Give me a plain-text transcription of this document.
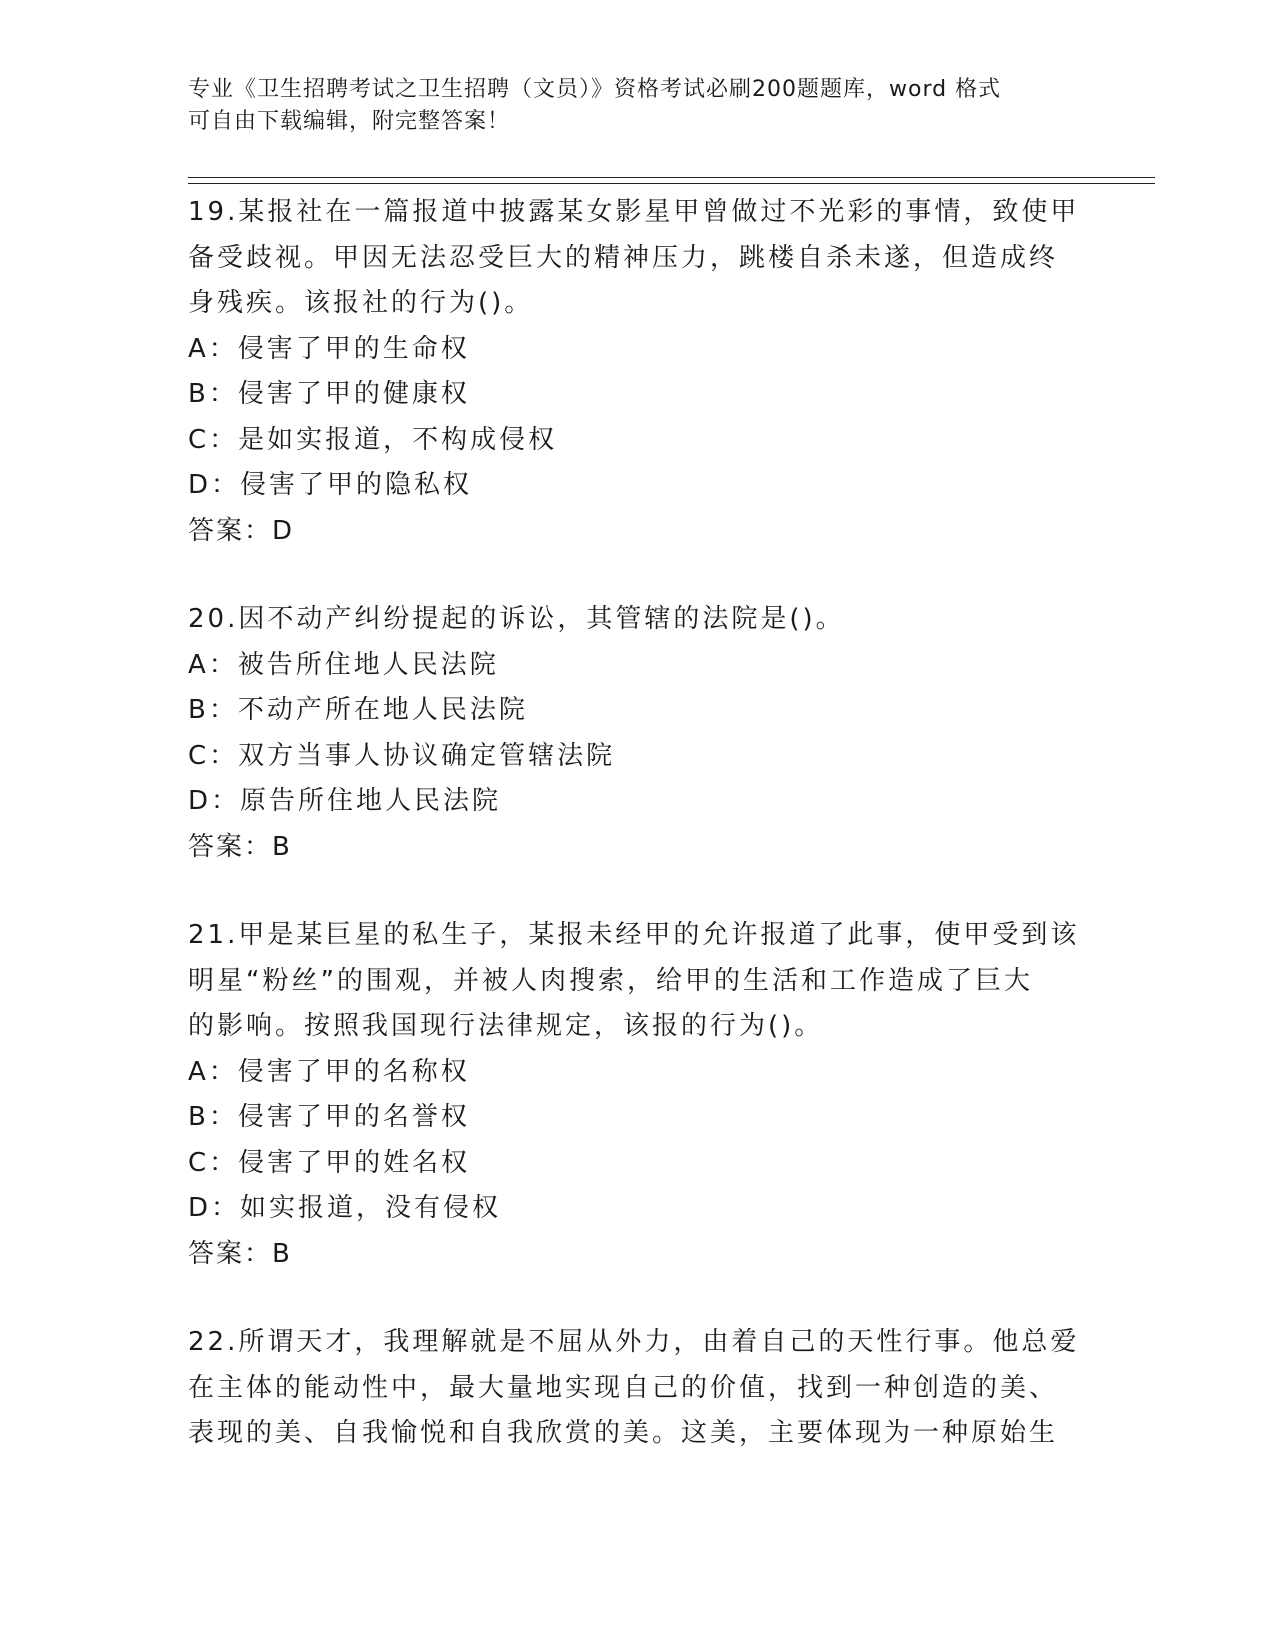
专业《卫生招聘考试之卫生招聘（文员）》资格考试必刷200题题库，word 格式
可自由下载编辑，附完整答案！

19.某报社在一篇报道中披露某女影星甲曾做过不光彩的事情，致使甲

备受歧视。甲因无法忍受巨大的精神压力，跳楼自杀未遂，但造成终

身残疾。该报社的行为()。

A：侵害了甲的生命权

B：侵害了甲的健康权

C：是如实报道，不构成侵权

D：侵害了甲的隐私权

答案：D

20.因不动产纠纷提起的诉讼，其管辖的法院是()。

A：被告所住地人民法院

B：不动产所在地人民法院

C：双方当事人协议确定管辖法院

D：原告所住地人民法院

答案：B

21.甲是某巨星的私生子，某报未经甲的允许报道了此事，使甲受到该

明星“粉丝”的围观，并被人肉搜索，给甲的生活和工作造成了巨大

的影响。按照我国现行法律规定，该报的行为()。

A：侵害了甲的名称权

B：侵害了甲的名誉权

C：侵害了甲的姓名权

D：如实报道，没有侵权

答案：B

22.所谓天才，我理解就是不屈从外力，由着自己的天性行事。他总爱

在主体的能动性中，最大量地实现自己的价值，找到一种创造的美、

表现的美、自我愉悦和自我欣赏的美。这美，主要体现为一种原始生
